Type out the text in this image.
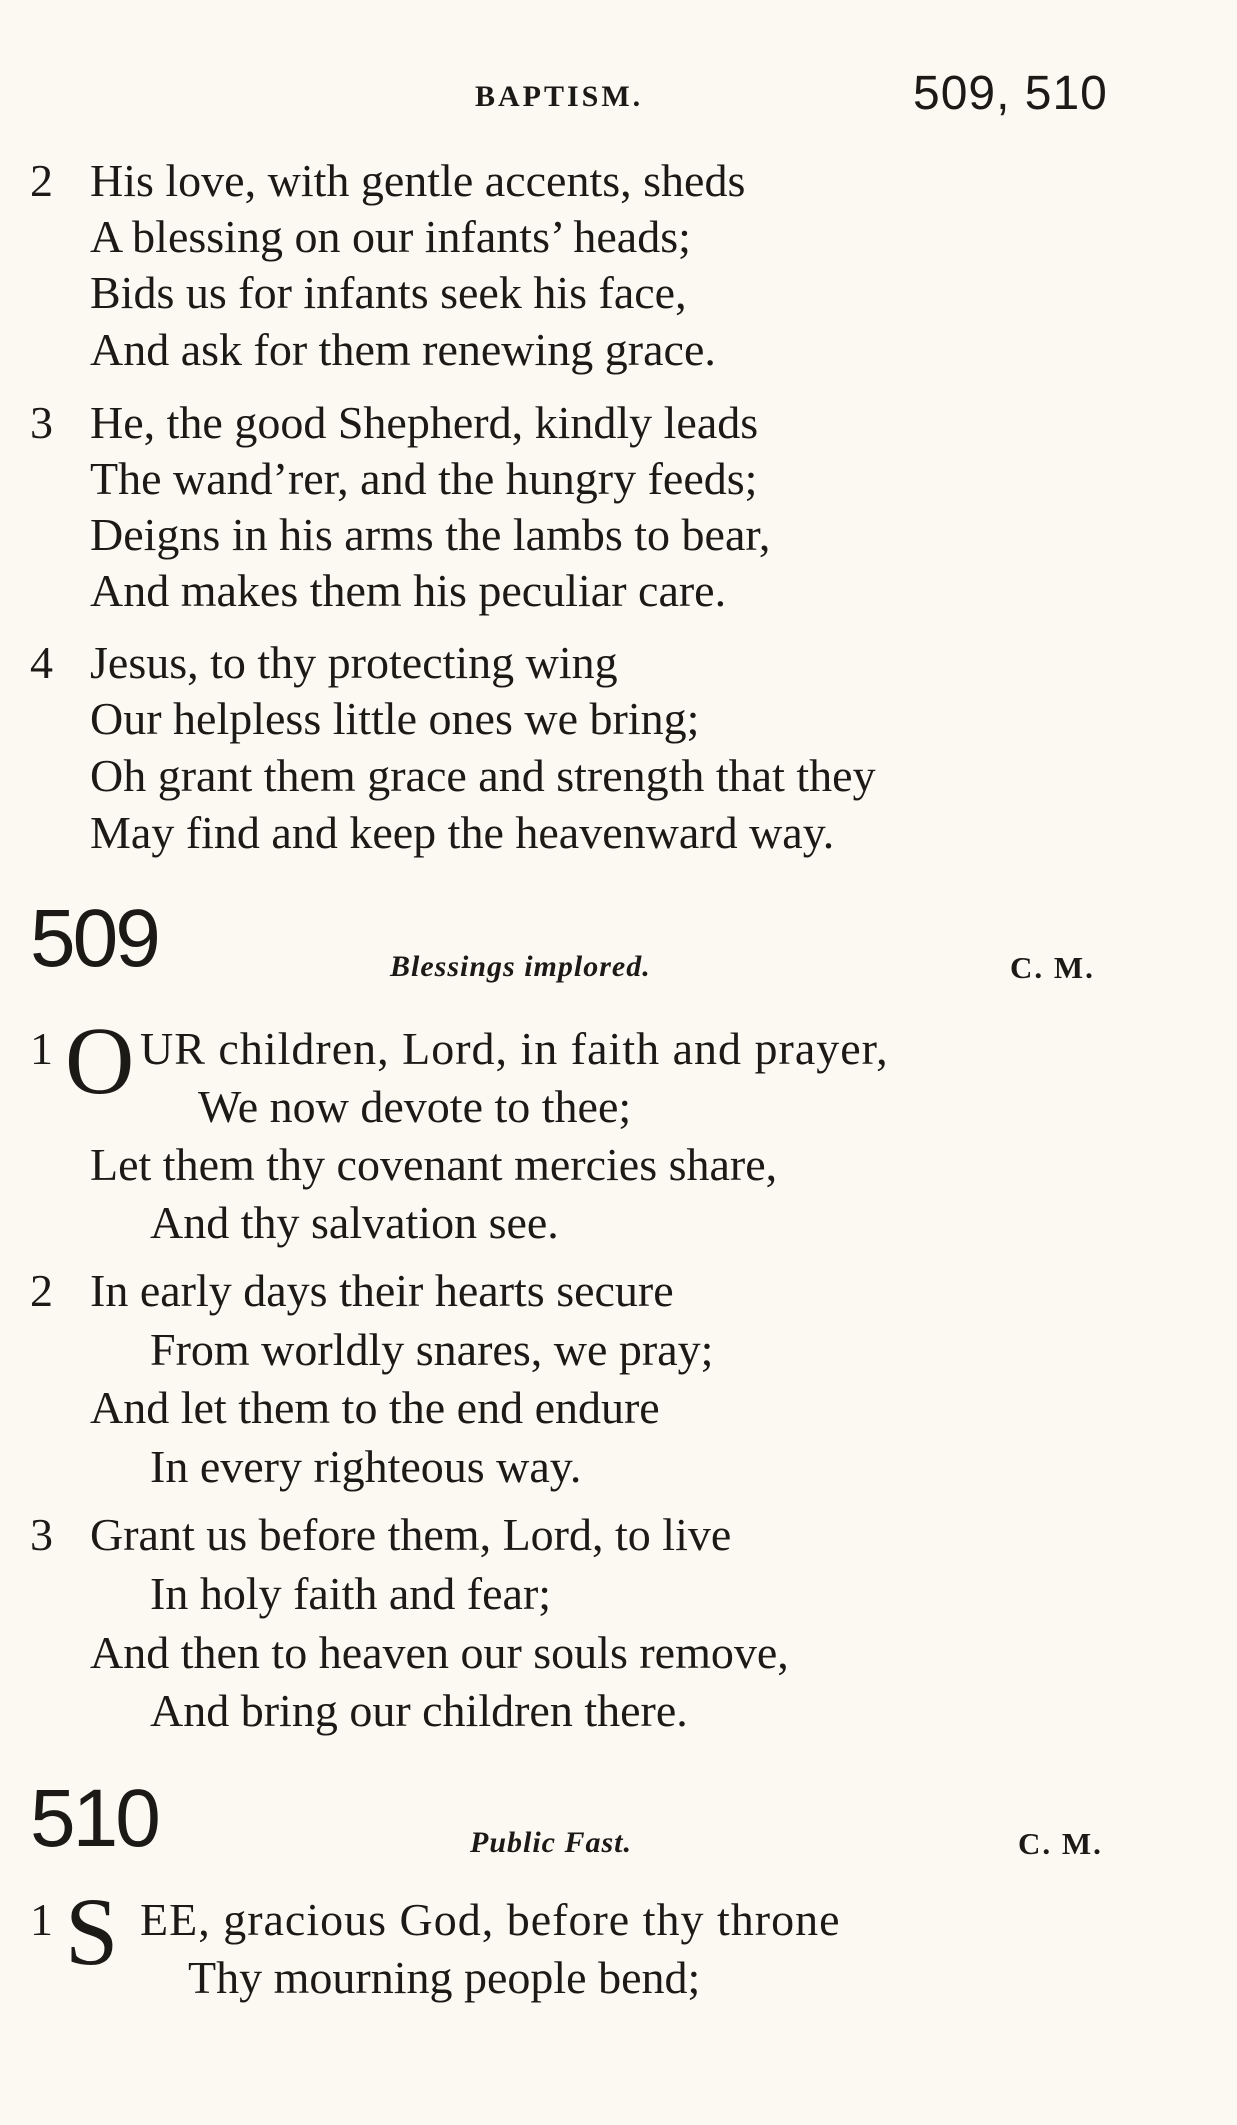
BAPTISM.	509, 510
2 His love, with gentle accents, sheds
A blessing on our infants’ heads;
Bids us for infants seek his face,
And ask for them renewing grace.
3 He, the good Shepherd, kindly leads
The wand’rer, and the hungry feeds;
Deigns in his arms the lambs to bear,
And makes them his peculiar care.
4 Jesus, to thy protecting wing
Our helpless little ones we bring;
Oh grant them grace and strength that they
May find and keep the heavenward way.
509	Blessings implored.	C. M.
1 O UR children, Lord, in faith and prayer,
We now devote to thee;
Let them thy covenant mercies share,
And thy salvation see.
2 In early days their hearts secure
From worldly snares, we pray;
And let them to the end endure
In every righteous way.
3 Grant us before them, Lord, to live
In holy faith and fear;
And then to heaven our souls remove,
And bring our children there.
510	Public Fast.	C. M.
1 S EE, gracious God, before thy throne
Thy mourning people bend;
